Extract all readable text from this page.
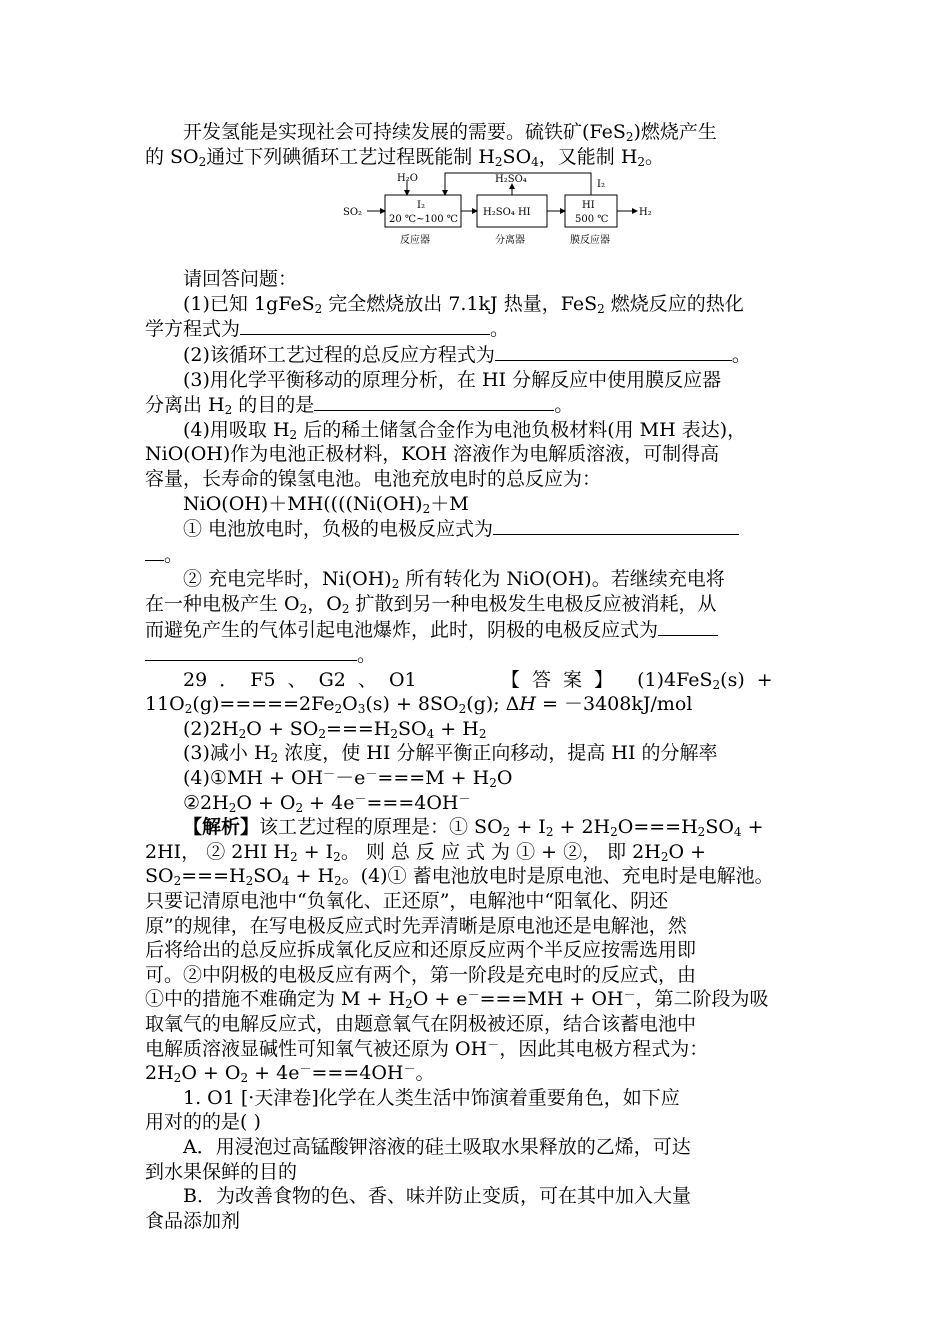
开发氢能是实现社会可持续发展的需要。硫铁矿(FeS$_2$)燃烧产生

的 $SO_2$通过下列碘循环工艺过程既能制 $H_2SO_4$，又能制 $H_2$。

SO₂
H₂O	H₂SO₄	I₂
H₂
I₂
20 ℃~100 ℃
H₂SO₄ HI
HI
500 ℃
反应器	分离器	膜反应器

请回答问题：

(1)已知 1gFeS$_2$ 完全燃烧放出 7.1kJ 热量，FeS$_2$ 燃烧反应的热化

学方程式为	。

(2)该循环工艺过程的总反应方程式为	。

(3)用化学平衡移动的原理分析，在 HI 分解反应中使用膜反应器

分离出 $H_2$ 的目的是	。

(4)用吸取 $H_2$ 后的稀土储氢合金作为电池负极材料(用 MH 表达)，

NiO(OH)作为电池正极材料，KOH 溶液作为电解质溶液，可制得高

容量，长寿命的镍氢电池。电池充放电时的总反应为：

$NiO(OH)+MH((((Ni(OH)_2+M$

① 电池放电时，负极的电极反应式为

。

② 充电完毕时，$Ni(OH)_2$ 所有转化为 NiO(OH)。若继续充电将

在一种电极产生 $O_2$，$O_2$ 扩散到另一种电极发生电极反应被消耗，从

而避免产生的气体引起电池爆炸，此时，阴极的电极反应式为

。

29 ． F5 、 G2 、 O1	【 答 案 】 (1)4FeS$_2$(s) +

$11O_2(g)=====2Fe_2O_3(s) + 8SO_2(g)$; ΔH = －3408kJ/mol

$(2)2H_2O + SO_2===H_2SO_4 + H_2$

(3)减小 $H_2$ 浓度，使 HI 分解平衡正向移动，提高 HI 的分解率

(4)①MH + $OH^--e^-===M + H_2O$

$②2H_2O + O_2 + 4e^-===4OH^-$

【解析】该工艺过程的原理是：① $SO_2 + I_2 + 2H_2O===H_2SO_4$ +

2HI， ② 2HI $H_2 + I_2$。 则 总 反 应 式 为 ① + ②， 即 $2H_2O$ +

$SO_2===H_2SO_4 + H_2$。(4)① 蓄电池放电时是原电池、充电时是电解池。

只要记清原电池中“负氧化、正还原”，电解池中“阳氧化、阴还

原”的规律，在写电极反应式时先弄清晰是原电池还是电解池，然

后将给出的总反应拆成氧化反应和还原反应两个半反应按需选用即

可。②中阴极的电极反应有两个，第一阶段是充电时的反应式，由

①中的措施不难确定为 $M + H_2O + e^-===MH + OH^-$，第二阶段为吸

取氧气的电解反应式，由题意氧气在阴极被还原，结合该蓄电池中

电解质溶液显碱性可知氧气被还原为 OH－，因此其电极方程式为：

$2H_2O + O_2 + 4e^-===4OH^-$。

1. O1 [·天津卷]化学在人类生活中饰演着重要角色，如下应

用对的的是( )

A．用浸泡过高锰酸钾溶液的硅土吸取水果释放的乙烯，可达

到水果保鲜的目的

B．为改善食物的色、香、味并防止变质，可在其中加入大量

食品添加剂
